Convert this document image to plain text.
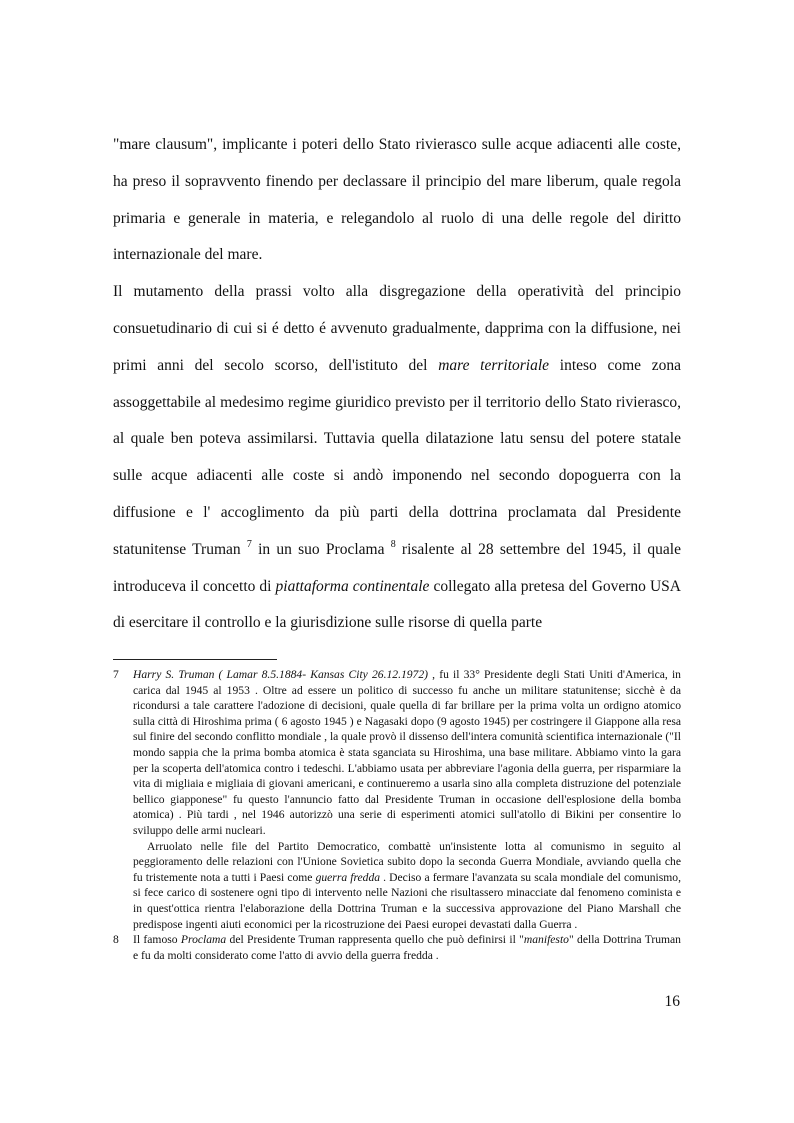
"mare clausum", implicante i poteri dello Stato rivierasco sulle acque adiacenti alle coste, ha preso il sopravvento finendo per declassare il principio del mare liberum, quale regola primaria e generale in materia, e relegandolo al ruolo di una delle regole del diritto internazionale del mare.

Il mutamento della prassi volto alla disgregazione della operatività del principio consuetudinario di cui si é detto é avvenuto gradualmente, dapprima con la diffusione, nei primi anni del secolo scorso, dell'istituto del mare territoriale inteso come zona assoggettabile al medesimo regime giuridico previsto per il territorio dello Stato rivierasco, al quale ben poteva assimilarsi. Tuttavia quella dilatazione latu sensu del potere statale sulle acque adiacenti alle coste si andò imponendo nel secondo dopoguerra con la diffusione e l' accoglimento da più parti della dottrina proclamata dal Presidente statunitense Truman $^7$ in un suo Proclama $^8$ risalente al 28 settembre del 1945, il quale introduceva il concetto di piattaforma continentale collegato alla pretesa del Governo USA di esercitare il controllo e la giurisdizione sulle risorse di quella parte

7 Harry S. Truman ( Lamar 8.5.1884- Kansas City 26.12.1972) , fu il 33° Presidente degli Stati Uniti d'America, in carica dal 1945 al 1953 . Oltre ad essere un politico di successo fu anche un militare statunitense; sicchè è da ricondursi a tale carattere l'adozione di decisioni, quale quella di far brillare per la prima volta un ordigno atomico sulla città di Hiroshima prima ( 6 agosto 1945 ) e Nagasaki dopo (9 agosto 1945) per costringere il Giappone alla resa sul finire del secondo conflitto mondiale , la quale provò il dissenso dell'intera comunità scientifica internazionale ("Il mondo sappia che la prima bomba atomica è stata sganciata su Hiroshima, una base militare. Abbiamo vinto la gara per la scoperta dell'atomica contro i tedeschi. L'abbiamo usata per abbreviare l'agonia della guerra, per risparmiare la vita di migliaia e migliaia di giovani americani, e continueremo a usarla sino alla completa distruzione del potenziale bellico giapponese" fu questo l'annuncio fatto dal Presidente Truman in occasione dell'esplosione della bomba atomica) . Più tardi , nel 1946 autorizzò una serie di esperimenti atomici sull'atollo di Bikini per consentire lo sviluppo delle armi nucleari.

Arruolato nelle file del Partito Democratico, combattè un'insistente lotta al comunismo in seguito al peggioramento delle relazioni con l'Unione Sovietica subito dopo la seconda Guerra Mondiale, avviando quella che fu tristemente nota a tutti i Paesi come guerra fredda . Deciso a fermare l'avanzata su scala mondiale del comunismo, si fece carico di sostenere ogni tipo di intervento nelle Nazioni che risultassero minacciate dal fenomeno cominista e in quest'ottica rientra l'elaborazione della Dottrina Truman e la successiva approvazione del Piano Marshall che predispose ingenti aiuti economici per la ricostruzione dei Paesi europei devastati dalla Guerra .

8 Il famoso Proclama del Presidente Truman rappresenta quello che può definirsi il "manifesto" della Dottrina Truman e fu da molti considerato come l'atto di avvio della guerra fredda .

16
